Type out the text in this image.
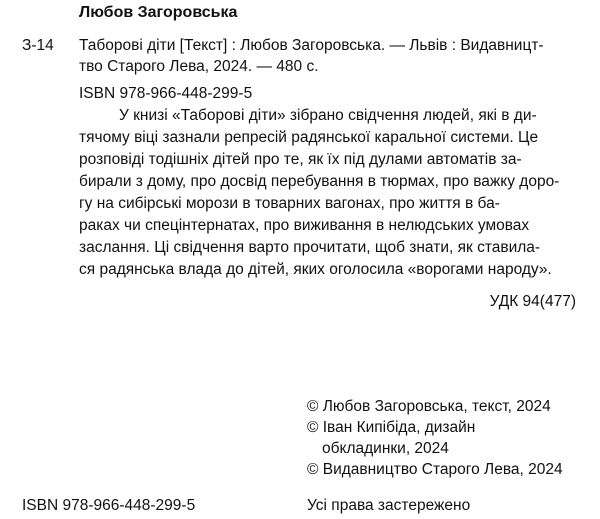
Любов Загоровська
З-14 Таборові діти [Текст] : Любов Загоровська. — Львів : Видавницт-

тво Старого Лева, 2024. — 480 с.

ISBN 978-966-448-299-5

У книзі «Таборові діти» зібрано свідчення людей, які в ди-

тячому віці зазнали репресій радянської каральної системи. Це

розповіді тодішніх дітей про те, як їх під дулами автоматів за-

бирали з дому, про досвід перебування в тюрмах, про важку доро-

гу на сибірські морози в товарних вагонах, про життя в ба-

раках чи спецінтернатах, про виживання в нелюдських умовах

заслання. Ці свідчення варто прочитати, щоб знати, як ставила-

ся радянська влада до дітей, яких оголосила «ворогами народу».

УДК 94(477)
© Любов Загоровська, текст, 2024
© Іван Кипібіда, дизайн
обкладинки, 2024
© Видавництво Старого Лева, 2024
ISBN 978-966-448-299-5	Усі права застережено
